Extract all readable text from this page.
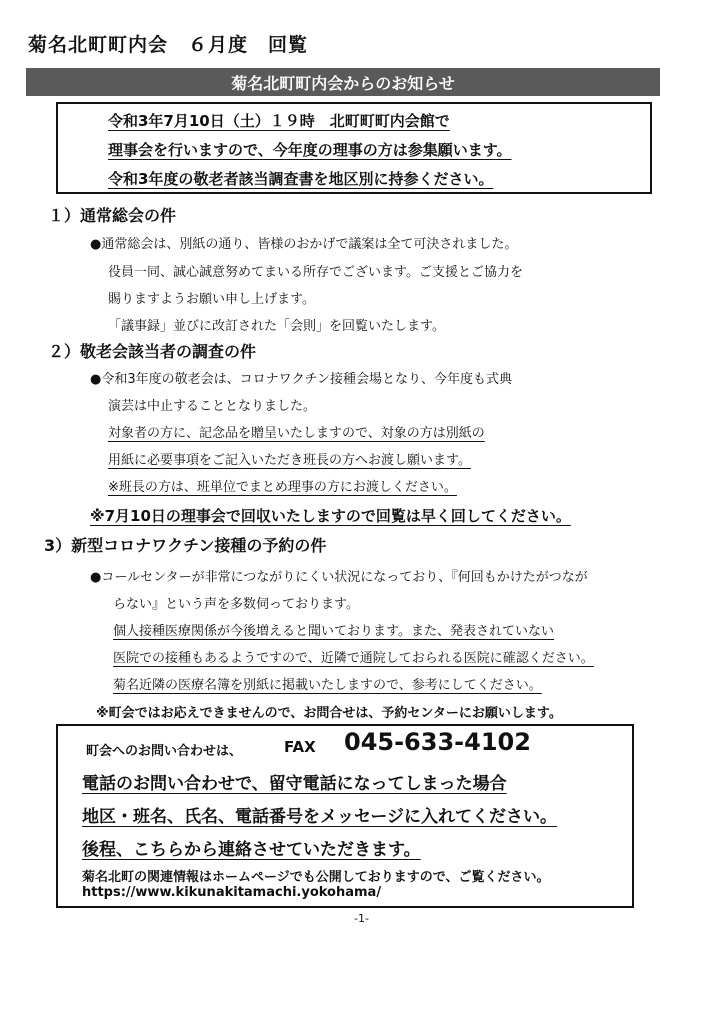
菊名北町町内会　６月度　回覧
菊名北町町内会からのお知らせ
令和3年7月10日（土）１９時　北町町町内会館で
理事会を行いますので、今年度の理事の方は参集願います。
令和3年度の敬老者該当調査書を地区別に持参ください。
１）通常総会の件
●通常総会は、別紙の通り、皆様のおかげで議案は全て可決されました。
役員一同、誠心誠意努めてまいる所存でございます。ご支援とご協力を
賜りますようお願い申し上げます。
「議事録」並びに改訂された「会則」を回覧いたします。
２）敬老会該当者の調査の件
●令和3年度の敬老会は、コロナワクチン接種会場となり、今年度も式典
演芸は中止することとなりました。
対象者の方に、記念品を贈呈いたしますので、対象の方は別紙の
用紙に必要事項をご記入いただき班長の方へお渡し願います。
※班長の方は、班単位でまとめ理事の方にお渡しください。
※7月10日の理事会で回収いたしますので回覧は早く回してください。
3）新型コロナワクチン接種の予約の件
●コールセンターが非常につながりにくい状況になっており、『何回もかけたがつなが
らない』という声を多数伺っております。
個人接種医療関係が今後増えると聞いております。また、発表されていない
医院での接種もあるようですので、近隣で通院しておられる医院に確認ください。
菊名近隣の医療名簿を別紙に掲載いたしますので、参考にしてください。
※町会ではお応えできませんので、お問合せは、予約センターにお願いします。
町会へのお問い合わせは、	FAX 045-633-4102
電話のお問い合わせで、留守電話になってしまった場合
地区・班名、氏名、電話番号をメッセージに入れてください。
後程、こちらから連絡させていただきます。
菊名北町の関連情報はホームページでも公開しておりますので、ご覧ください。
https://www.kikunakitamachi.yokohama/
-1-
